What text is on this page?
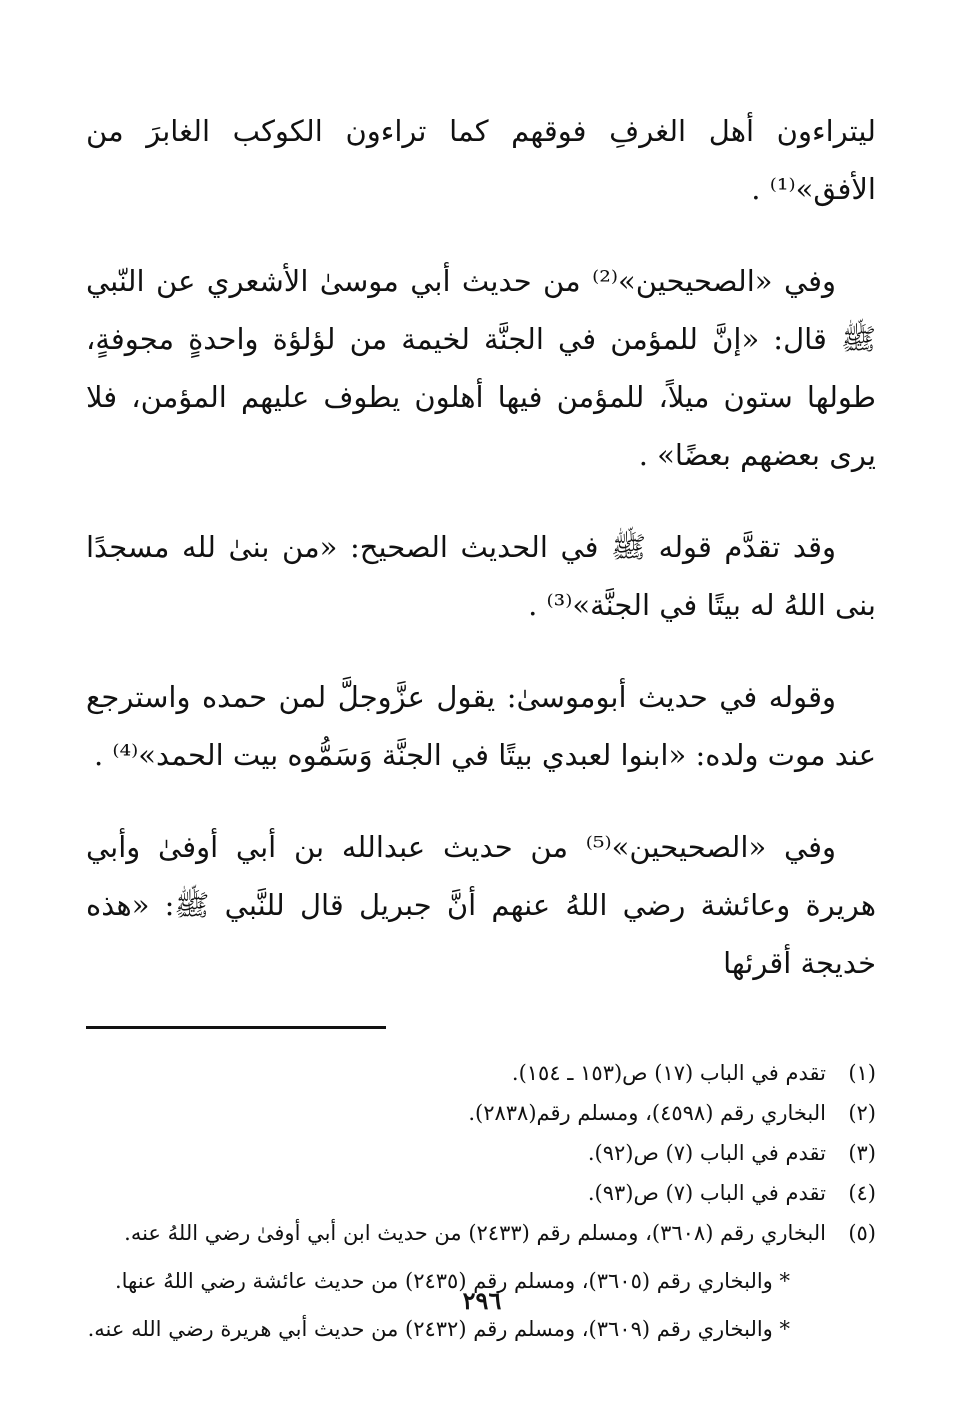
ليتراءون أهل الغرفِ فوقهم كما تراءون الكوكب الغابرَ من الأفق»⁽¹⁾ .

وفي «الصحيحين»⁽²⁾ من حديث أبي موسىٰ الأشعري عن النّبي ﷺ قال: «إنَّ للمؤمن في الجنَّة لخيمة من لؤلؤة واحدةٍ مجوفةٍ، طولها ستون ميلاً، للمؤمن فيها أهلون يطوف عليهم المؤمن، فلا يرى بعضهم بعضًا» .

وقد تقدَّم قوله ﷺ في الحديث الصحيح: «من بنىٰ لله مسجدًا بنى اللهُ له بيتًا في الجنَّة»⁽³⁾ .

وقوله في حديث أبوموسىٰ: يقول عزَّوجلَّ لمن حمده واسترجع عند موت ولده: «ابنوا لعبدي بيتًا في الجنَّة وَسَمُّوه بيت الحمد»⁽⁴⁾ .

وفي «الصحيحين»⁽⁵⁾ من حديث عبدالله بن أبي أوفىٰ وأبي هريرة وعائشة رضي اللهُ عنهم أنَّ جبريل قال للنَّبي ﷺ: «هذه خديجة أقرئها

(١)
تقدم في الباب (١٧) ص(١٥٣ ـ ١٥٤).
(٢)
البخاري رقم (٤٥٩٨)، ومسلم رقم(٢٨٣٨).
(٣)
تقدم في الباب (٧) ص(٩٢).
(٤)
تقدم في الباب (٧) ص(٩٣).
(٥)
البخاري رقم (٣٦٠٨)، ومسلم رقم (٢٤٣٣) من حديث ابن أبي أوفىٰ رضي اللهُ عنه.
* والبخاري رقم (٣٦٠٥)، ومسلم رقم (٢٤٣٥) من حديث عائشة رضي اللهُ عنها.
* والبخاري رقم (٣٦٠٩)، ومسلم رقم (٢٤٣٢) من حديث أبي هريرة رضي الله عنه.
٢٩٦
